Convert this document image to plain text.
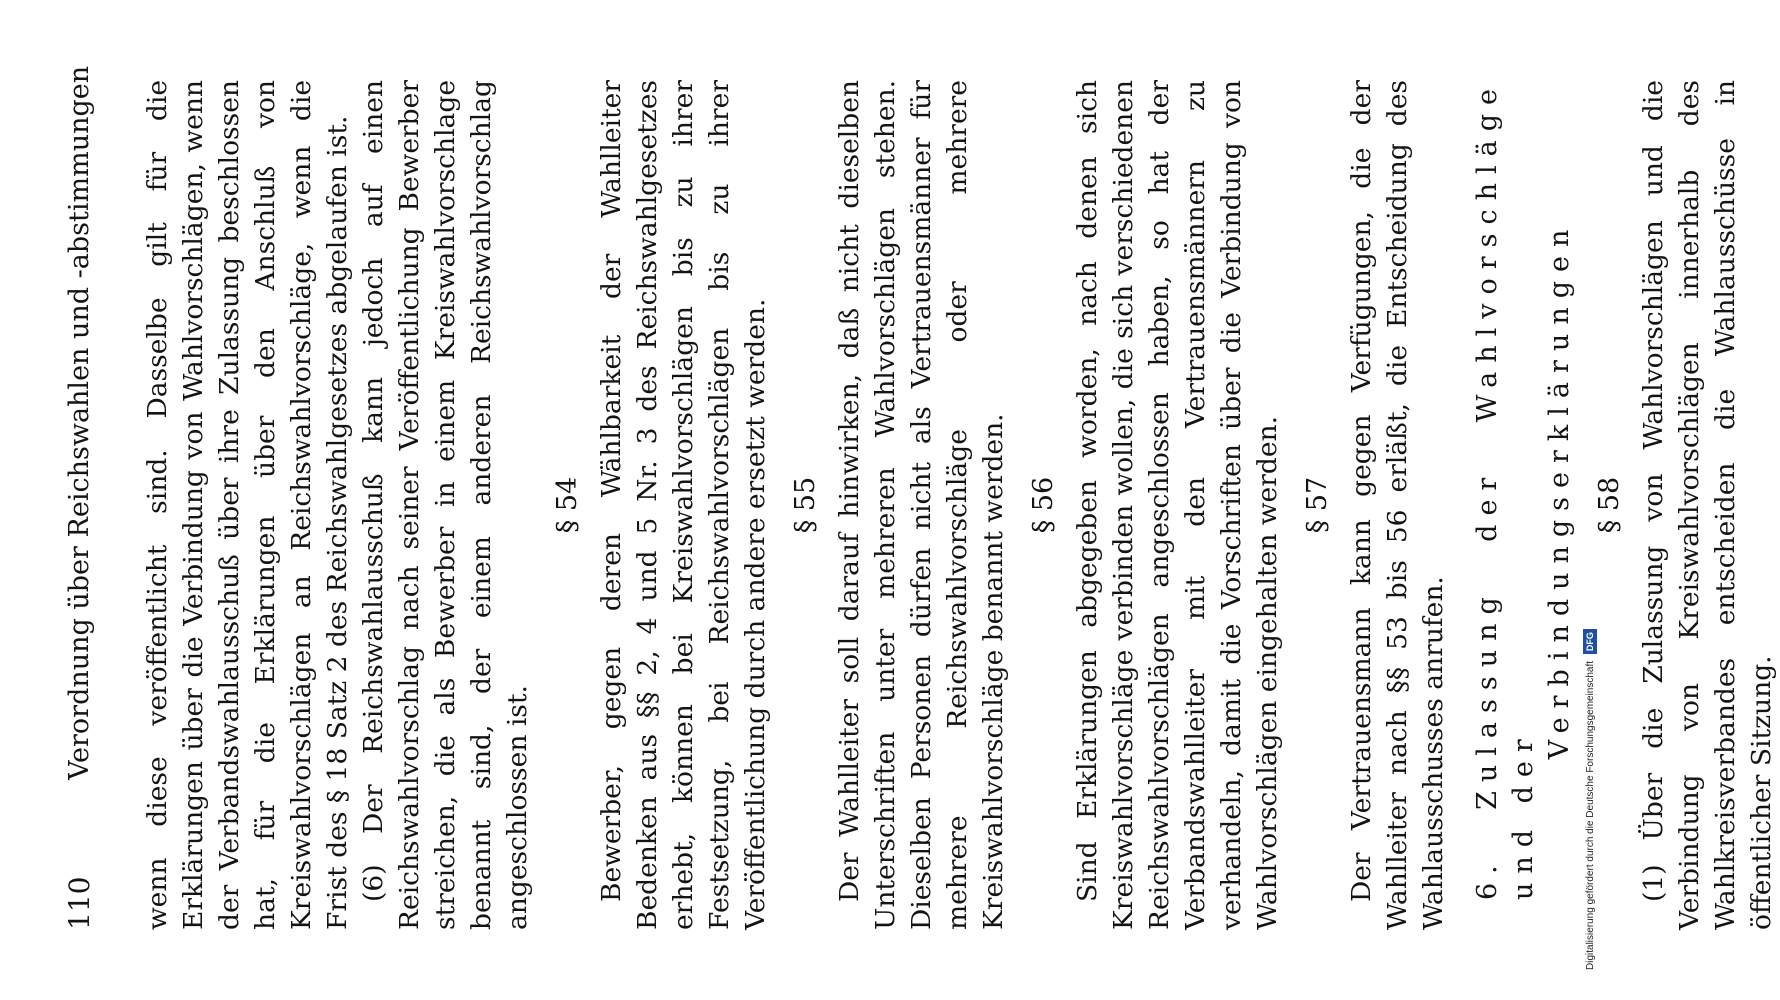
110
Verordnung über Reichswahlen und -abstimmungen wenn diese veröffentlicht sind. Dasselbe gilt für die Erklärungen über die Verbindung von Wahlvorschlägen, wenn der Verbandswahlausschuß über ihre Zulassung beschlossen hat, für die Erklärungen über den Anschluß von Kreiswahlvorschlägen an Reichswahlvorschläge, wenn die Frist des § 18 Satz 2 des Reichswahlgesetzes abgelaufen ist. (6) Der Reichswahlausschuß kann jedoch auf einen Reichswahlvorschlag nach seiner Veröffentlichung Bewerber streichen, die als Bewerber in einem Kreiswahlvorschlage benannt sind, der einem anderen Reichswahlvorschlag angeschlossen ist.

§ 54 Bewerber, gegen deren Wählbarkeit der Wahlleiter Bedenken aus §§ 2, 4 und 5 Nr. 3 des Reichswahlgesetzes erhebt, können bei Kreiswahlvorschlägen bis zu ihrer Festsetzung, bei Reichswahlvorschlägen bis zu ihrer Veröffentlichung durch andere ersetzt werden. § 55 Der Wahlleiter soll darauf hinwirken, daß nicht dieselben Unterschriften unter mehreren Wahlvorschlägen stehen. Dieselben Personen dürfen nicht als Vertrauensmänner für mehrere Reichswahlvorschläge oder mehrere Kreiswahlvorschläge benannt werden. § 56 Sind Erklärungen abgegeben worden, nach denen sich Kreiswahlvorschläge verbinden wollen, die sich verschiedenen Reichswahlvorschlägen angeschlossen haben, so hat der Verbandswahlleiter mit den Vertrauensmännern zu verhandeln, damit die Vorschriften über die Verbindung von Wahlvorschlägen eingehalten werden. § 57 Der Vertrauensmann kann gegen Verfügungen, die der Wahlleiter nach §§ 53 bis 56 erläßt, die Entscheidung des Wahlausschusses anrufen. 6. Zulassung der Wahlvorschläge und der
Verbindungserklärungen § 58 (1) Über die Zulassung von Wahlvorschlägen und die Verbindung von Kreiswahlvorschlägen innerhalb des Wahlkreisverbandes entscheiden die Wahlausschüsse in öffentlicher Sitzung.

Digitalisierung gefördert durch die Deutsche Forschungsgemeinschaft DFG
